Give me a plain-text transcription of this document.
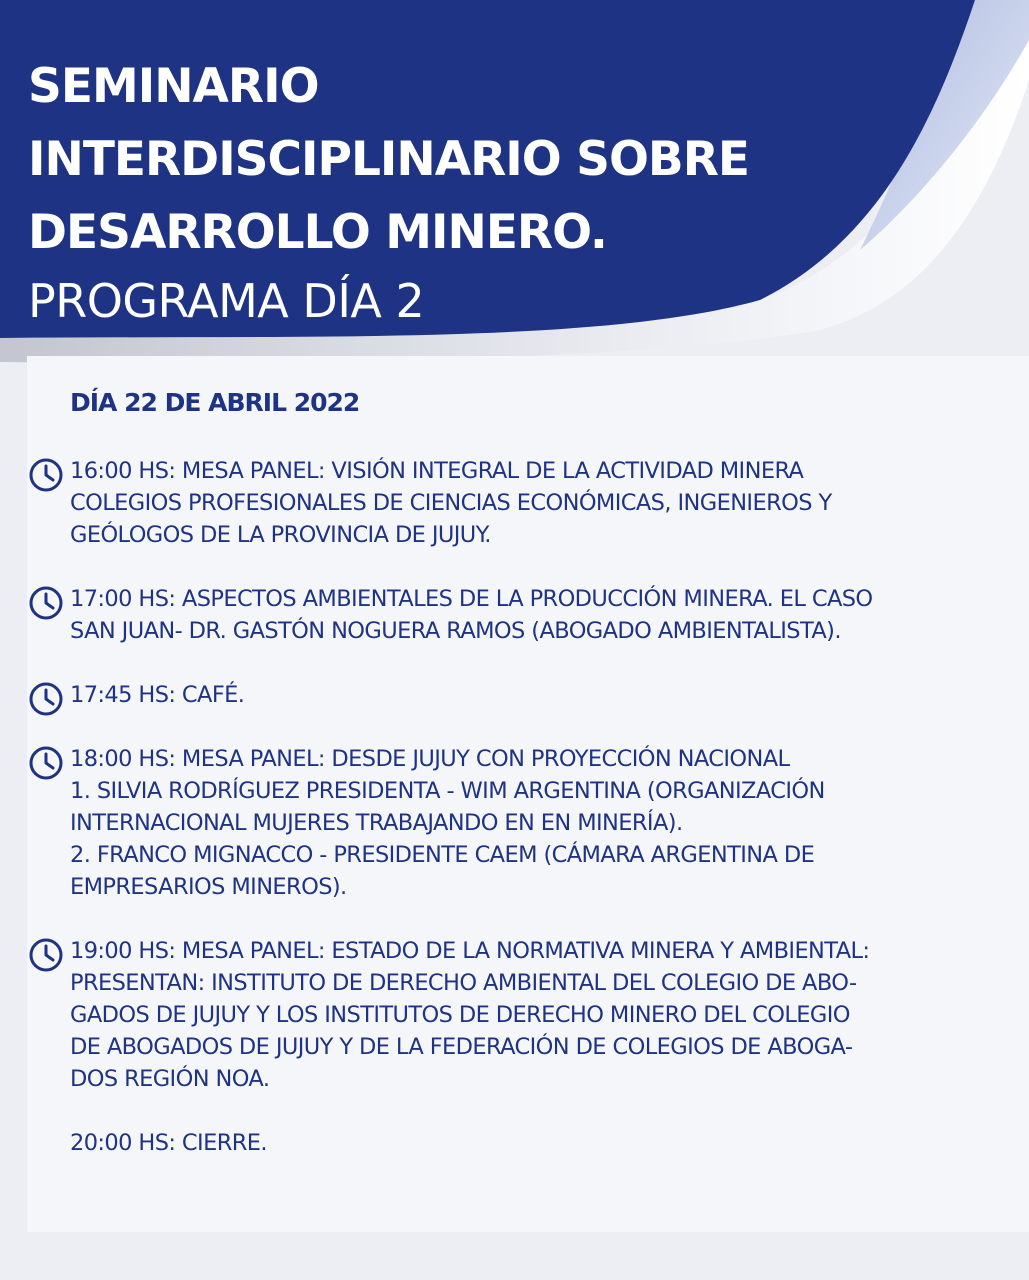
SEMINARIO
INTERDISCIPLINARIO SOBRE
DESARROLLO MINERO.
PROGRAMA DÍA 2
DÍA 22 DE ABRIL 2022
16:00 HS: MESA PANEL: VISIÓN INTEGRAL DE LA ACTIVIDAD MINERA
COLEGIOS PROFESIONALES DE CIENCIAS ECONÓMICAS, INGENIEROS Y
GEÓLOGOS DE LA PROVINCIA DE JUJUY.
17:00 HS: ASPECTOS AMBIENTALES DE LA PRODUCCIÓN MINERA. EL CASO
SAN JUAN- DR. GASTÓN NOGUERA RAMOS (ABOGADO AMBIENTALISTA).
17:45 HS: CAFÉ.
18:00 HS: MESA PANEL: DESDE JUJUY CON PROYECCIÓN NACIONAL
1. SILVIA RODRÍGUEZ PRESIDENTA - WIM ARGENTINA (ORGANIZACIÓN
INTERNACIONAL MUJERES TRABAJANDO EN EN MINERÍA).
2. FRANCO MIGNACCO - PRESIDENTE CAEM (CÁMARA ARGENTINA DE
EMPRESARIOS MINEROS).
19:00 HS: MESA PANEL: ESTADO DE LA NORMATIVA MINERA Y AMBIENTAL:
PRESENTAN: INSTITUTO DE DERECHO AMBIENTAL DEL COLEGIO DE ABO-
GADOS DE JUJUY Y LOS INSTITUTOS DE DERECHO MINERO DEL COLEGIO
DE ABOGADOS DE JUJUY Y DE LA FEDERACIÓN DE COLEGIOS DE ABOGA-
DOS REGIÓN NOA.
20:00 HS: CIERRE.
